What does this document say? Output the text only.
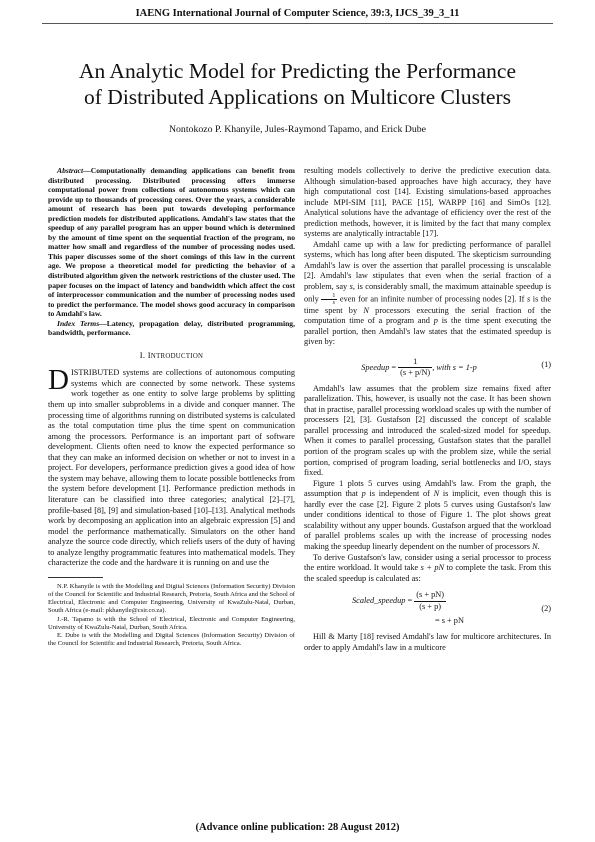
IAENG International Journal of Computer Science, 39:3, IJCS_39_3_11
An Analytic Model for Predicting the Performance
of Distributed Applications on Multicore Clusters
Nontokozo P. Khanyile, Jules-Raymond Tapamo, and Erick Dube

Abstract—Computationally demanding applications can benefit from distributed processing. Distributed processing offers immerse computational power from collections of autonomous systems which can provide up to thousands of processing cores. Over the years, a considerable amount of research has been put towards developing performance prediction models for distributed applications. Amdahl's law states that the speedup of any parallel program has an upper bound which is determined by the amount of time spent on the sequential fraction of the program, no matter how small and regardless of the number of processing nodes used. This paper discusses some of the short comings of this law in the current age. We propose a theoretical model for predicting the behavior of a distributed algorithm given the network restrictions of the cluster used. The paper focuses on the impact of latency and bandwidth which affect the cost of interprocessor communication and the number of processing nodes used to predict the performance. The model shows good accuracy in comparison to Amdahl's law.

Index Terms—Latency, propagation delay, distributed programming, bandwidth, performance.

I. INTRODUCTION
D ISTRIBUTED systems are collections of autonomous computing systems which are connected by some network. These systems work together as one entity to solve large problems by splitting them up into smaller subproblems in a divide and conquer manner. The processing time of algorithms running on distributed systems is calculated as the total computation time plus the time spent on communication among the processors. Performance is an important part of software development. Clients often need to know the expected performance so that they can make an informed decision on whether or not to invest in a project. For developers, performance prediction gives a good idea of how the system may behave, allowing them to locate possible bottlenecks from the system before development [1]. Performance prediction methods in literature can be classified into three categories; analytical [2]–[7], profile-based [8], [9] and simulation-based [10]–[13]. Analytical methods work by decomposing an application into an algebraic expression [5] and model the performance mathematically. Simulators on the other hand analyze the source code directly, which reliefs users of the duty of having to analyze lengthy programmatic features into mathematical models. They characterize the code and the hardware it is running on and use the

N.P. Khanyile is with the Modelling and Digital Sciences (Information Security) Division of the Council for Scientific and Industrial Research, Pretoria, South Africa and the School of Electrical, Electronic and Computer Engineering, University of KwaZulu-Natal, Durban, South Africa (e-mail: pkhanyile@csir.co.za).

J.-R. Tapamo is with the School of Electrical, Electronic and Computer Engineering, University of KwaZulu-Natal, Durban, South Africa.

E. Dube is with the Modelling and Digital Sciences (Information Security) Division of the Council for Scientific and Industrial Research, Pretoria, South Africa.

resulting models collectively to derive the predictive execution data. Although simulation-based approaches have high accuracy, they have high computational cost [14]. Existing simulations-based approaches include MPI-SIM [11], PACE [15], WARPP [16] and SimOs [12]. Analytical solutions have the advantage of efficiency over the rest of the prediction methods, however, it is limited by the fact that many complex systems are analytically intractable [17].

Amdahl came up with a law for predicting performance of parallel systems, which has long after been disputed. The skepticism surrounding Amdahl's law is over the assertion that parallel processing is unscalable [2]. Amdahl's law stipulates that even when the serial fraction of a problem, say s, is considerably small, the maximum attainable speedup is only $\frac{1}{s}$ even for an infinite number of processing nodes [2]. If s is the time spent by N processors executing the serial fraction of the computation time of a program and p is the time spent executing the parallel portion, then Amdahl's law states that the estimated speedup is given by:

Speedup = $\frac{1}{(s + p/N)}$ , with s = 1-p	(1)

Amdahl's law assumes that the problem size remains fixed after parallelization. This, however, is usually not the case. It has been shown that in practise, parallel processing workload scales up with the number of processers [2], [3]. Gustafson [2] discussed the concept of scalable parallel processing and introduced the scaled-sized model for speedup. When it comes to parallel processing, Gustafson states that the parallel portion of the program scales up with the problem size, while the serial portion, comprised of program loading, serial bottlenecks and I/O, stays fixed.

Figure 1 plots 5 curves using Amdahl's law. From the graph, the assumption that p is independent of N is implicit, even though this is hardly ever the case [2]. Figure 2 plots 5 curves using Gustafson's law under conditions identical to those of Figure 1. The plot shows great scalability without any upper bounds. Gustafson argued that the workload of parallel problems scales up with the increase of processing nodes making the speedup linearly dependent on the number of processors N.

To derive Gustafson's law, consider using a serial processor to process the entire workload. It would take s + pN to complete the task. From this the scaled speedup is calculated as:

Scaled_speedup = $\frac{(s + pN)}{(s + p)}$
= s + pN
(2)

Hill & Marty [18] revised Amdahl's law for multicore architectures. In order to apply Amdahl's law in a multicore

(Advance online publication: 28 August 2012)
